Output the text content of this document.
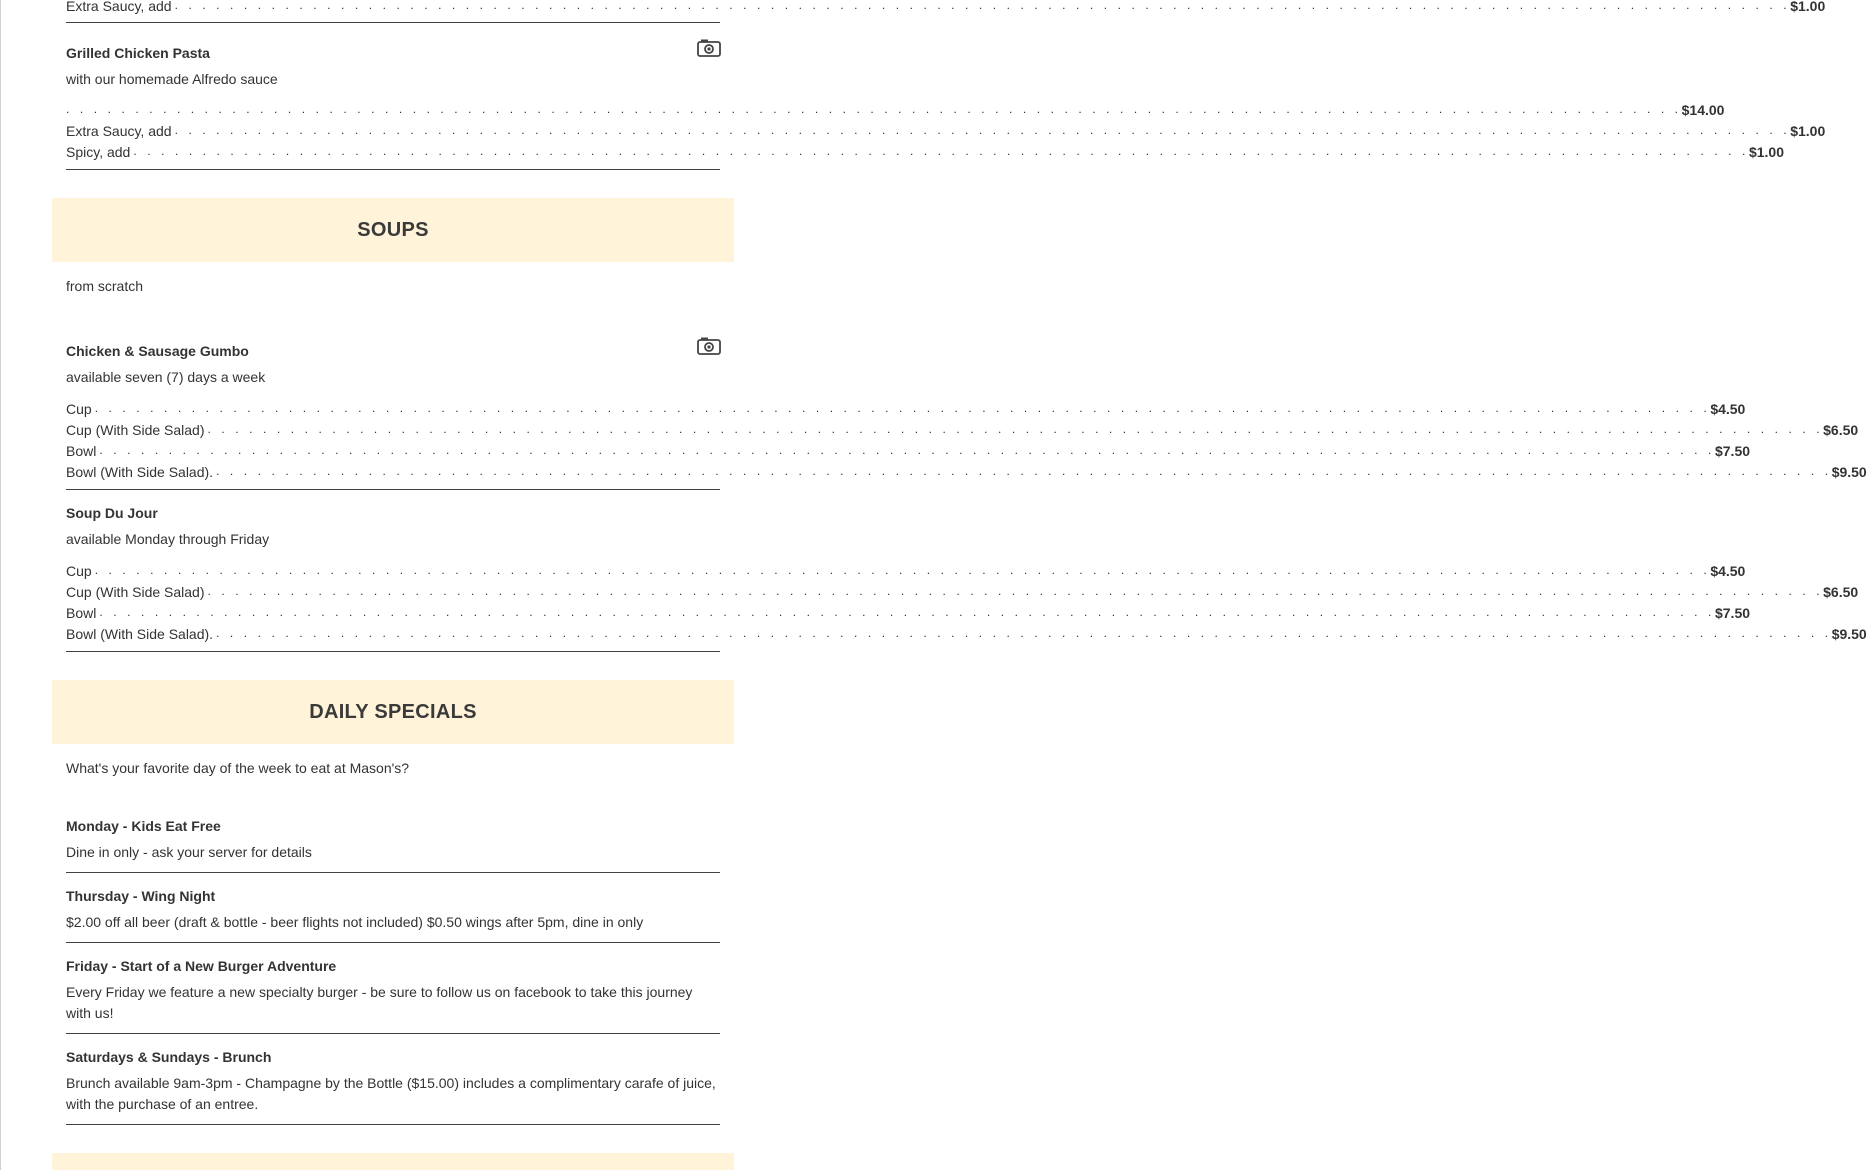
Extra Saucy, add . . . . . . . . . . . . . . . . . . . . . . . . . . . . . . . . . . . . . . . . . . . . . . . . . . . . . . . . . . . . . . . . . . . . . . . . . . . . . . . . . . . . . . . . . . . . . . . . . . . . . . . . . . . . . . . . . . . . . $1.00
Grilled Chicken Pasta
with our homemade Alfredo sauce
. . . . . . . . . . . . . . . . . . . . . . . . . . . . . . . . . . . . . . . . . . . . . . . . . . . . . . . . . . . . . . . . . . . . . . . . . . . . . . . . . . . . . . . . . . . . . . . . . . . . . . . . . . . . . . . . . . . . . $14.00
Extra Saucy, add . . . . . . . . . . . . . . . . . . . . . . . . . . . . . . . . . . . . . . . . . . . . . . . . . . . . . . . . . . . . . . . . . . . . . . . . . . . . . . . . . . . . . . . . . . . . . . . . . . . . . . . . . . . . . . . . . . . . . $1.00
Spicy, add . . . . . . . . . . . . . . . . . . . . . . . . . . . . . . . . . . . . . . . . . . . . . . . . . . . . . . . . . . . . . . . . . . . . . . . . . . . . . . . . . . . . . . . . . . . . . . . . . . . . . . . . . . . . . . . . . . . . . $1.00
SOUPS
from scratch
Chicken & Sausage Gumbo
available seven (7) days a week
Cup . . . . . . . . . . . . . . . . . . . . . . . . . . . . . . . . . . . . . . . . . . . . . . . . . . . . . . . . . . . . . . . . . . . . . . . . . . . . . . . . . . . . . . . . . . . . . . . . . . . . . . . . . . . . . . . . . . . . . $4.50
Cup (With Side Salad) . . . . . . . . . . . . . . . . . . . . . . . . . . . . . . . . . . . . . . . . . . . . . . . . . . . . . . . . . . . . . . . . . . . . . . . . . . . . . . . . . . . . . . . . . . . . . . . . . . . . . . . . . . . . . . . . . . . . . $6.50
Bowl . . . . . . . . . . . . . . . . . . . . . . . . . . . . . . . . . . . . . . . . . . . . . . . . . . . . . . . . . . . . . . . . . . . . . . . . . . . . . . . . . . . . . . . . . . . . . . . . . . . . . . . . . . . . . . . . . . . . . $7.50
Bowl (With Side Salad). . . . . . . . . . . . . . . . . . . . . . . . . . . . . . . . . . . . . . . . . . . . . . . . . . . . . . . . . . . . . . . . . . . . . . . . . . . . . . . . . . . . . . . . . . . . . . . . . . . . . . . . . . . . . . . . . . . . . . $9.50
Soup Du Jour
available Monday through Friday
Cup . . . . . . . . . . . . . . . . . . . . . . . . . . . . . . . . . . . . . . . . . . . . . . . . . . . . . . . . . . . . . . . . . . . . . . . . . . . . . . . . . . . . . . . . . . . . . . . . . . . . . . . . . . . . . . . . . . . . . $4.50
Cup (With Side Salad) . . . . . . . . . . . . . . . . . . . . . . . . . . . . . . . . . . . . . . . . . . . . . . . . . . . . . . . . . . . . . . . . . . . . . . . . . . . . . . . . . . . . . . . . . . . . . . . . . . . . . . . . . . . . . . . . . . . . . $6.50
Bowl . . . . . . . . . . . . . . . . . . . . . . . . . . . . . . . . . . . . . . . . . . . . . . . . . . . . . . . . . . . . . . . . . . . . . . . . . . . . . . . . . . . . . . . . . . . . . . . . . . . . . . . . . . . . . . . . . . . . . $7.50
Bowl (With Side Salad). . . . . . . . . . . . . . . . . . . . . . . . . . . . . . . . . . . . . . . . . . . . . . . . . . . . . . . . . . . . . . . . . . . . . . . . . . . . . . . . . . . . . . . . . . . . . . . . . . . . . . . . . . . . . . . . . . . . . . $9.50
DAILY SPECIALS
What's your favorite day of the week to eat at Mason's?
Monday - Kids Eat Free
Dine in only - ask your server for details
Thursday - Wing Night
$2.00 off all beer (draft & bottle - beer flights not included) $0.50 wings after 5pm, dine in only
Friday - Start of a New Burger Adventure
Every Friday we feature a new specialty burger - be sure to follow us on facebook to take this journey with us!
Saturdays & Sundays - Brunch
Brunch available 9am-3pm - Champagne by the Bottle ($15.00) includes a complimentary carafe of juice, with the purchase of an entree.
